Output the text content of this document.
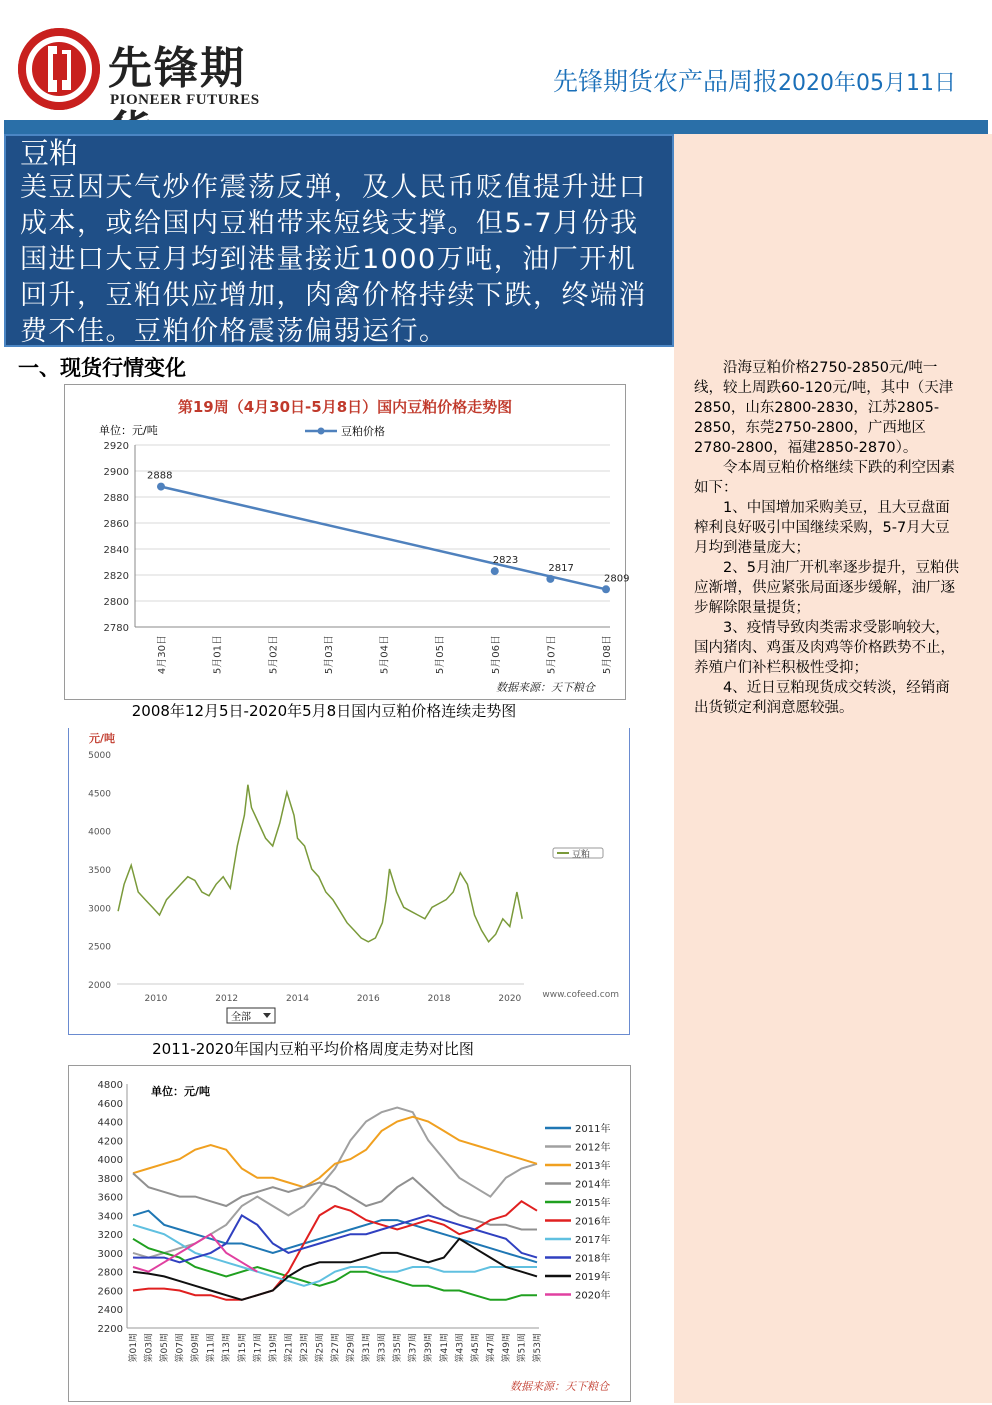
先锋期
PIONEER FUTURES
先锋期货农产品周报2020年05月11日
豆粕
美豆因天气炒作震荡反弹，及人民币贬值提升进口成本，或给国内豆粕带来短线支撑。但5-7月份我国进口大豆月均到港量接近1000万吨，油厂开机回升，豆粕供应增加，肉禽价格持续下跌，终端消费不佳。豆粕价格震荡偏弱运行。

沿海豆粕价格2750-2850元/吨一线，较上周跌60-120元/吨，其中（天津2850，山东2800-2830，江苏2805-2850，东莞2750-2800，广西地区2780-2800，福建2850-2870）。

令本周豆粕价格继续下跌的利空因素如下：

1、中国增加采购美豆，且大豆盘面榨利良好吸引中国继续采购，5-7月大豆月均到港量庞大；

2、5月油厂开机率逐步提升，豆粕供应渐增，供应紧张局面逐步缓解，油厂逐步解除限量提货；

3、疫情导致肉类需求受影响较大，国内猪肉、鸡蛋及肉鸡等价格跌势不止，养殖户们补栏积极性受抑；

4、近日豆粕现货成交转淡，经销商出货锁定利润意愿较强。

一、现货行情变化
第19周（4月30日-5月8日）国内豆粕价格走势图
单位：元/吨	豆粕价格
2780
2800
2820
2840
2860
2880
2900
2920
4月30日	5月01日	5月02日	5月03日	5月04日	5月05日	5月06日	5月07日	5月08日
2888
2823
2817
2809
数据来源：天下粮仓
2008年12月5日-2020年5月8日国内豆粕价格连续走势图
元/吨
2000
2500
3000
3500
4000
4500
5000
2010	2012	2014	2016	2018	2020
豆粕
www.cofeed.com
全部
2011-2020年国内豆粕平均价格周度走势对比图
单位：元/吨
2200
2400
2600
2800
3000
3200
3400
3600
3800
4000
4200
4400
4600
4800
第01周 第03周 第05周 第07周 第09周 第11周 第13周 第15周 第17周 第19周 第21周 第23周 第25周 第27周 第29周 第31周 第33周 第35周 第37周 第39周 第41周 第43周 第45周 第47周 第49周 第51周 第53周
2011年
2012年
2013年
2014年
2015年
2016年
2017年
2018年
2019年
2020年
数据来源：天下粮仓
